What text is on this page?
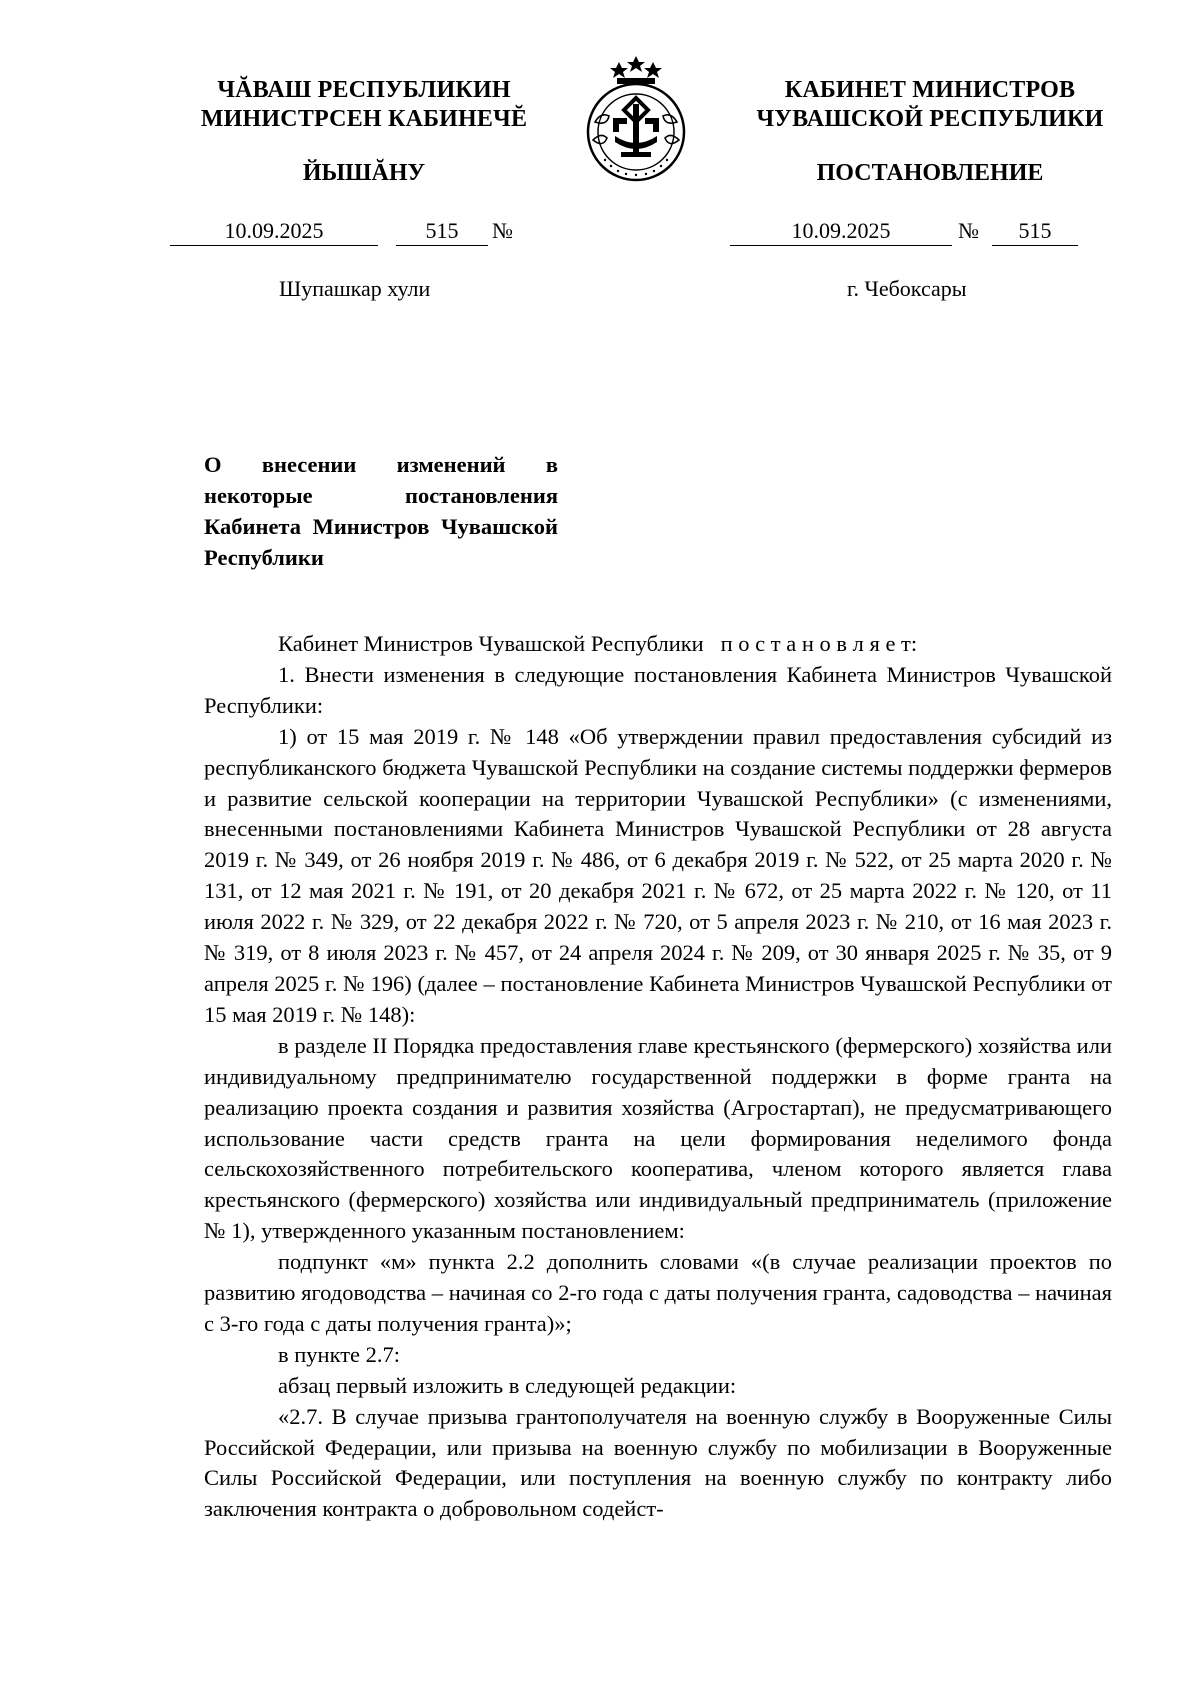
ЧĂВАШ РЕСПУБЛИКИН
МИНИСТРСЕН КАБИНЕЧĔ
ЙЫШĂНУ
КАБИНЕТ МИНИСТРОВ
ЧУВАШСКОЙ РЕСПУБЛИКИ
ПОСТАНОВЛЕНИЕ
10.09.2025	515	№	10.09.2025	№	515
Шупашкар хули	г. Чебоксары
О внесении изменений в некоторые постановления Кабинета Министров Чувашской Республики

Кабинет Министров Чувашской Республики п о с т а н о в л я е т:

1. Внести изменения в следующие постановления Кабинета Министров Чувашской Республики:

1) от 15 мая 2019 г. № 148 «Об утверждении правил предоставления субсидий из республиканского бюджета Чувашской Республики на создание системы поддержки фермеров и развитие сельской кооперации на территории Чувашской Республики» (с изменениями, внесенными постановлениями Кабинета Министров Чувашской Республики от 28 августа 2019 г. № 349, от 26 ноября 2019 г. № 486, от 6 декабря 2019 г. № 522, от 25 марта 2020 г. № 131, от 12 мая 2021 г. № 191, от 20 декабря 2021 г. № 672, от 25 марта 2022 г. № 120, от 11 июля 2022 г. № 329, от 22 декабря 2022 г. № 720, от 5 апреля 2023 г. № 210, от 16 мая 2023 г. № 319, от 8 июля 2023 г. № 457, от 24 апреля 2024 г. № 209, от 30 января 2025 г. № 35, от 9 апреля 2025 г. № 196) (далее – постановление Кабинета Министров Чувашской Республики от 15 мая 2019 г. № 148):

в разделе II Порядка предоставления главе крестьянского (фермерского) хозяйства или индивидуальному предпринимателю государственной поддержки в форме гранта на реализацию проекта создания и развития хозяйства (Агростартап), не предусматривающего использование части средств гранта на цели формирования неделимого фонда сельскохозяйственного потребительского кооператива, членом которого является глава крестьянского (фермерского) хозяйства или индивидуальный предприниматель (приложение № 1), утвержденного указанным постановлением:

подпункт «м» пункта 2.2 дополнить словами «(в случае реализации проектов по развитию ягодоводства – начиная со 2-го года с даты получения гранта, садоводства – начиная с 3-го года с даты получения гранта)»;

в пункте 2.7:

абзац первый изложить в следующей редакции:

«2.7. В случае призыва грантополучателя на военную службу в Вооруженные Силы Российской Федерации, или призыва на военную службу по мобилизации в Вооруженные Силы Российской Федерации, или поступления на военную службу по контракту либо заключения контракта о добровольном содейст-
